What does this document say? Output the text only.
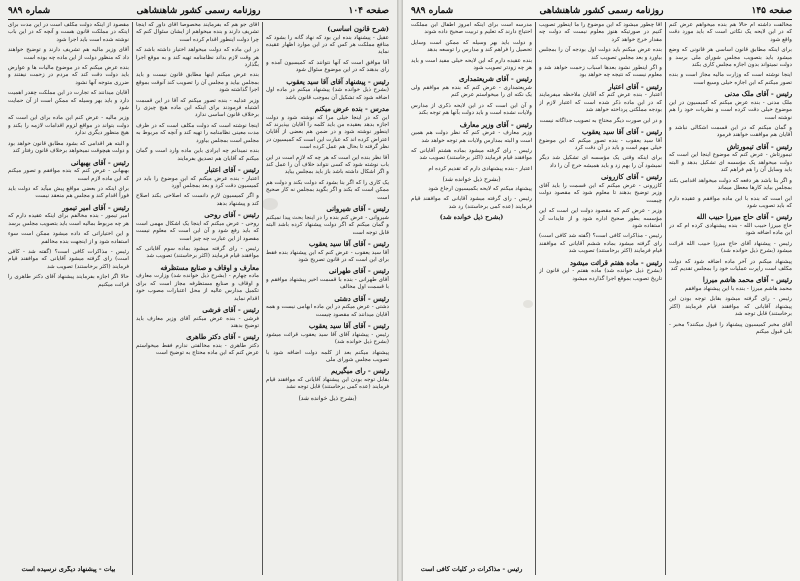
صفحه ۱۰۴
روزنامه رسمی کشور شاهنشاهی
شماره ۹۸۹
(شرح قانون اساسی)

عقیل - پیشنهاد بنده این بود که نهاد گانه را بشود که منافع مملکت هر کس که در این موارد اظهار عقیده نماید

آقا موافق است که آنها نتوانند که کمیسیون آمده و رای بدهند که در این موضوع سئوال شود

رئیس - پیشنهاد آقای آقا سید یعقوب

(بشرح ذیل خوانده شد) پیشنهاد میکنم در ماده اول اضافه شود که تشکیل آن بموجب قانون باشد

مدرس - بنده عرض میکنم

این که در اینجا خیلی مرا که نوشته شود و دولت اجازه بدهد بعقیده من باید کلمه را آقایان بپذیرند که اینطور نوشته شود و در ضمن هم بعضی از آقایان اعتراض کرده اند که عبارت این است که کمیسیون در نظر گرفته تا بحال هم عمل کرده است

آقا نظر بنده این است که هر چه که لازم است در این باب نوشته شود که کسی نتواند خلاف آن را عمل کند و اگر اشکال داشته باشد باز باید بمجلس بیاید

یک کاری را که اگر بنا بشود که دولت بکند و دولت هم ممکن است که بکند و اگر بگوید بمجلس نه کار صحیح است

رئیس - آقای شیروانی

شیروانی - عرض کنم بنده را در اینجا بحث پیدا نمیکنم و گمان میکنم که اگر دولت پیشنهاد کرده باشد البته قابل توجه است

رئیس - آقای آقا سید یعقوب

آقا سید یعقوب - عرض کنم که این پیشنهاد بنده فقط برای این است که در قانون تصریح شود

رئیس - آقای طهرانی

آقای طهرانی - بنده با قسمت اخیر پیشنهاد موافقم و با قسمت اول مخالف

رئیس - آقای دشتی

دشتی - عرض میکنم در این ماده ابهامی نیست و همه آقایان میدانند که مقصود چیست

رئیس - آقای آقا سید یعقوب

رئیس - پیشنهاد آقای آقا سید یعقوب قرائت میشود (بشرح ذیل خوانده شد)

پیشنهاد میکنم بعد از کلمه دولت اضافه شود با تصویب مجلس شورای ملی

رئیس - رای میگیریم

بقابل توجه بودن این پیشنهاد آقایانی که موافقند قیام فرمایند (عده کمی برخاستند) قابل توجه نشد

(بشرح ذیل خوانده شد)

آقای جو هم که بفرمایند مخصوصاً آقای داور که اینجا تشریف دارند و بنده میخواهم از ایشان سئوال کنم که چرا دولت اینطور اقدام کرده است

در این ماده که دولت میخواهد اختیار داشته باشد که هر وقت لازم بداند نظامنامه تهیه کند و به موقع اجرا بگذارد

بنده عرض میکنم اینها مطابق قانون نیست و باید بمجلس بیاید و مجلس آن را تصویب کند آنوقت بموقع اجرا گذاشته شود

وزیر عدلیه - بنده تصور میکنم که آقا در این قسمت اشتباه فرمودند برای اینکه این ماده هیچ چیزی را برخلاف قانون اساسی ندارد

اینجا نوشته است که دولت مکلف است که در ظرف مدت معینی نظامنامه را تهیه کند و آنچه که مربوط به مجلس است بمجلس بیاورد

بنده نمیدانم چه ایرادی باین ماده وارد است و گمان میکنم که آقایان هم تصدیق بفرمایند

رئیس - آقای اعتبار

اعتبار - بنده عرض میکنم که این موضوع را باید در کمیسیون دقت کرد و بعد بمجلس آورد

و اگر کمیسیون لازم دانست که اصلاحی بکند اصلاح کند و پیشنهاد بدهد

رئیس - آقای روحی

روحی - عرض میکنم که اینجا یک اشکال مهمی است که باید رفع شود و آن این است که معلوم نیست مقصود از این عبارت چه چیز است

رئیس - رای گرفته میشود بماده سوم آقایانی که موافقند قیام فرمایند (اکثر برخاستند) تصویب شد

معارف و اوقاف و صنایع مستظرفه

ماده چهارم - (بشرح ذیل خوانده شد) وزارت معارف و اوقاف و صنایع مستظرفه مجاز است که برای تکمیل مدارس عالیه از محل اعتبارات مصوب خود اقدام نماید

رئیس - آقای فرشی

فرشی - بنده عرض میکنم آقای وزیر معارف باید توضیح بدهند

رئیس - آقای دکتر طاهری

دکتر طاهری - بنده مخالفتی ندارم فقط میخواستم عرض کنم که این ماده محتاج به توضیح است

مقصود از اینکه دولت مکلف است در این مدت برای اینکه در مملکت قانون هست و آنچه که در این باب نوشته شده است باید اجرا شود

آقای وزیر مالیه هم تشریف دارند و توضیح خواهند داد که منظور دولت از این ماده چه بوده است

بنده عرض میکنم که در موضوع مالیات ها و عوارض باید دولت دقت کند که مردم در زحمت نیفتند و ضرری متوجه آنها نشود

آقایان میدانند که تجارت در این مملکت چقدر اهمیت دارد و باید بهر وسیله که ممکن است از آن حمایت شود

وزیر مالیه - عرض کنم این ماده برای این است که دولت بتواند در مواقع لزوم اقدامات لازمه را بکند و هیچ منظور دیگری ندارد

و البته هر اقدامی که بشود مطابق قانون خواهد بود و دولت هیچوقت نمیخواهد برخلاف قانون رفتار کند

رئیس - آقای بهبهانی

بهبهانی - عرض کنم که بنده موافقم و تصور میکنم که این ماده لازم است

برای اینکه در بعضی مواقع پیش میآید که دولت باید فوراً اقدام کند و مجلس هم منعقد نیست

رئیس - آقای امیر تیمور

امیر تیمور - بنده مخالفم برای اینکه عقیده دارم که هر چه مربوط بمالیه است باید بتصویب مجلس برسد

و این اختیاراتی که داده میشود ممکن است سوء استفاده شود و از اینجهت بنده مخالفم

رئیس - مذاکرات کافی است؟ (گفته شد - کافی است) رای گرفته میشود آقایانی که موافقند قیام فرمایند (اکثر برخاستند) تصویب شد

حالا اگر اجازه بفرمایند پیشنهاد آقای دکتر طاهری را قرائت میکنیم

بیات - پیشنهاد دیگری نرسیده است
صفحه ۱۴۵
روزنامه رسمی کشور شاهنشاهی
شماره ۹۸۹

مخالفت داشته ام حالا هم بنده میخواهم عرض کنم که در این لایحه یک نکاتی است که باید مورد دقت واقع شود

برای اینکه مطابق قانون اساسی هر قانونی که وضع میشود باید بتصویب مجلس شورای ملی برسد و دولت نمیتواند بدون اجازه مجلس کاری بکند

اینجا نوشته است که وزارت مالیه مجاز است و بنده تصور میکنم که این اجازه خیلی وسیع است

رئیس - آقای ملک مدنی

ملک مدنی - بنده عرض میکنم که کمیسیون در این موضوع خیلی دقت کرده است و نظریات خود را هم نوشته است

و گمان میکنم که در این قسمت اشکالی نباشد و آقایان هم موافقت خواهند فرمود

رئیس - آقای تیمورتاش

تیمورتاش - عرض کنم که موضوع اینجا این است که دولت میخواهد یک مؤسسه ای تشکیل بدهد و البته باید وسایل آن را هم فراهم کند

و اگر بنا باشد هر دفعه که دولت میخواهد اقدامی بکند بمجلس بیاید کارها معطل میماند

این است که بنده با این ماده موافقم و عقیده دارم که باید تصویب شود

رئیس - آقای حاج میرزا حبیب الله

حاج میرزا حبیب الله - بنده پیشنهادی کرده ام که در این ماده اضافه شود

رئیس - پیشنهاد آقای حاج میرزا حبیب الله قرائت میشود (بشرح ذیل خوانده شد)

پیشنهاد میکنم در آخر ماده اضافه شود که دولت مکلف است راپرت عملیات خود را بمجلس تقدیم کند

رئیس - آقای محمد هاشم میرزا

محمد هاشم میرزا - بنده با این پیشنهاد موافقم

رئیس - رای گرفته میشود بقابل توجه بودن این پیشنهاد آقایانی که موافقند قیام فرمایند (اکثر برخاستند) قابل توجه شد

آقای مخبر کمیسیون پیشنهاد را قبول میکنند؟ مخبر - بلی قبول میکنم

آقا چطور میشود که این موضوع را ما اینطور تصویب کنیم در صورتیکه هنوز معلوم نیست که دولت چه مقدار خرج خواهد کرد

بنده عرض میکنم باید دولت اول بودجه آن را بمجلس بیاورد و بعد مجلس تصویب کند

و اگر اینطور نشود بعدها اسباب زحمت خواهد شد و معلوم نیست که نتیجه چه خواهد بود

رئیس - آقای اعتبار

اعتبار - بنده عرض کنم که آقایان ملاحظه میفرمایند که در این ماده ذکر شده است که اعتبار لازم از بودجه مملکتی پرداخته خواهد شد

و در این صورت دیگر محتاج به تصویب جداگانه نیست

رئیس - آقای آقا سید یعقوب

آقا سید یعقوب - بنده تصور میکنم که این موضوع خیلی مهم است و باید در آن دقت کرد

برای اینکه وقتی یک مؤسسه ای تشکیل شد دیگر نمیشود آن را بهم زد و باید همیشه خرج آن را داد

رئیس - آقای کازرونی

کازرونی - عرض میکنم که این قسمت را باید آقای وزیر توضیح بدهند تا معلوم شود که مقصود دولت چیست

وزیر - عرض کنم که مقصود دولت این است که این مؤسسه بطور صحیح اداره شود و از عایدات آن استفاده شود

رئیس - مذاکرات کافی است؟ (گفته شد کافی است) رای گرفته میشود بماده ششم آقایانی که موافقند قیام فرمایند (اکثر برخاستند) تصویب شد

رئیس - ماده هفتم قرائت میشود

(بشرح ذیل خوانده شد) ماده هفتم - این قانون از تاریخ تصویب بموقع اجرا گذارده میشود

مدرسه است برای اینکه امروز اطفال این مملکت احتیاج دارند که تعلیم و تربیت صحیح داده شوند

و دولت باید بهر وسیله که ممکن است وسایل تحصیل را فراهم کند و مدارس را توسعه بدهد

بنده عقیده دارم که این لایحه خیلی مفید است و باید هر چه زودتر تصویب شود

رئیس - آقای شریعتمداری

شریعتمداری - عرض کنم که بنده هم موافقم ولی یک نکته ای را میخواستم عرض کنم

و آن این است که در این لایحه ذکری از مدارس ولایات نشده است و باید دولت بآنها هم توجه بکند

رئیس - آقای وزیر معارف

وزیر معارف - عرض کنم که نظر دولت هم همین است و البته بمدارس ولایات هم توجه خواهد شد

رئیس - رای گرفته میشود بماده هشتم آقایانی که موافقند قیام فرمایند (اکثر برخاستند) تصویب شد

اعتبار - بنده پیشنهادی دارم که تقدیم کرده ام

(بشرح ذیل خوانده شد)

پیشنهاد میکنم که لایحه بکمیسیون ارجاع شود

رئیس - رای گرفته میشود آقایانی که موافقند قیام فرمایند (عده کمی برخاستند) رد شد

(بشرح ذیل خوانده شد)
رئیس - مذاکرات در کلیات کافی است
